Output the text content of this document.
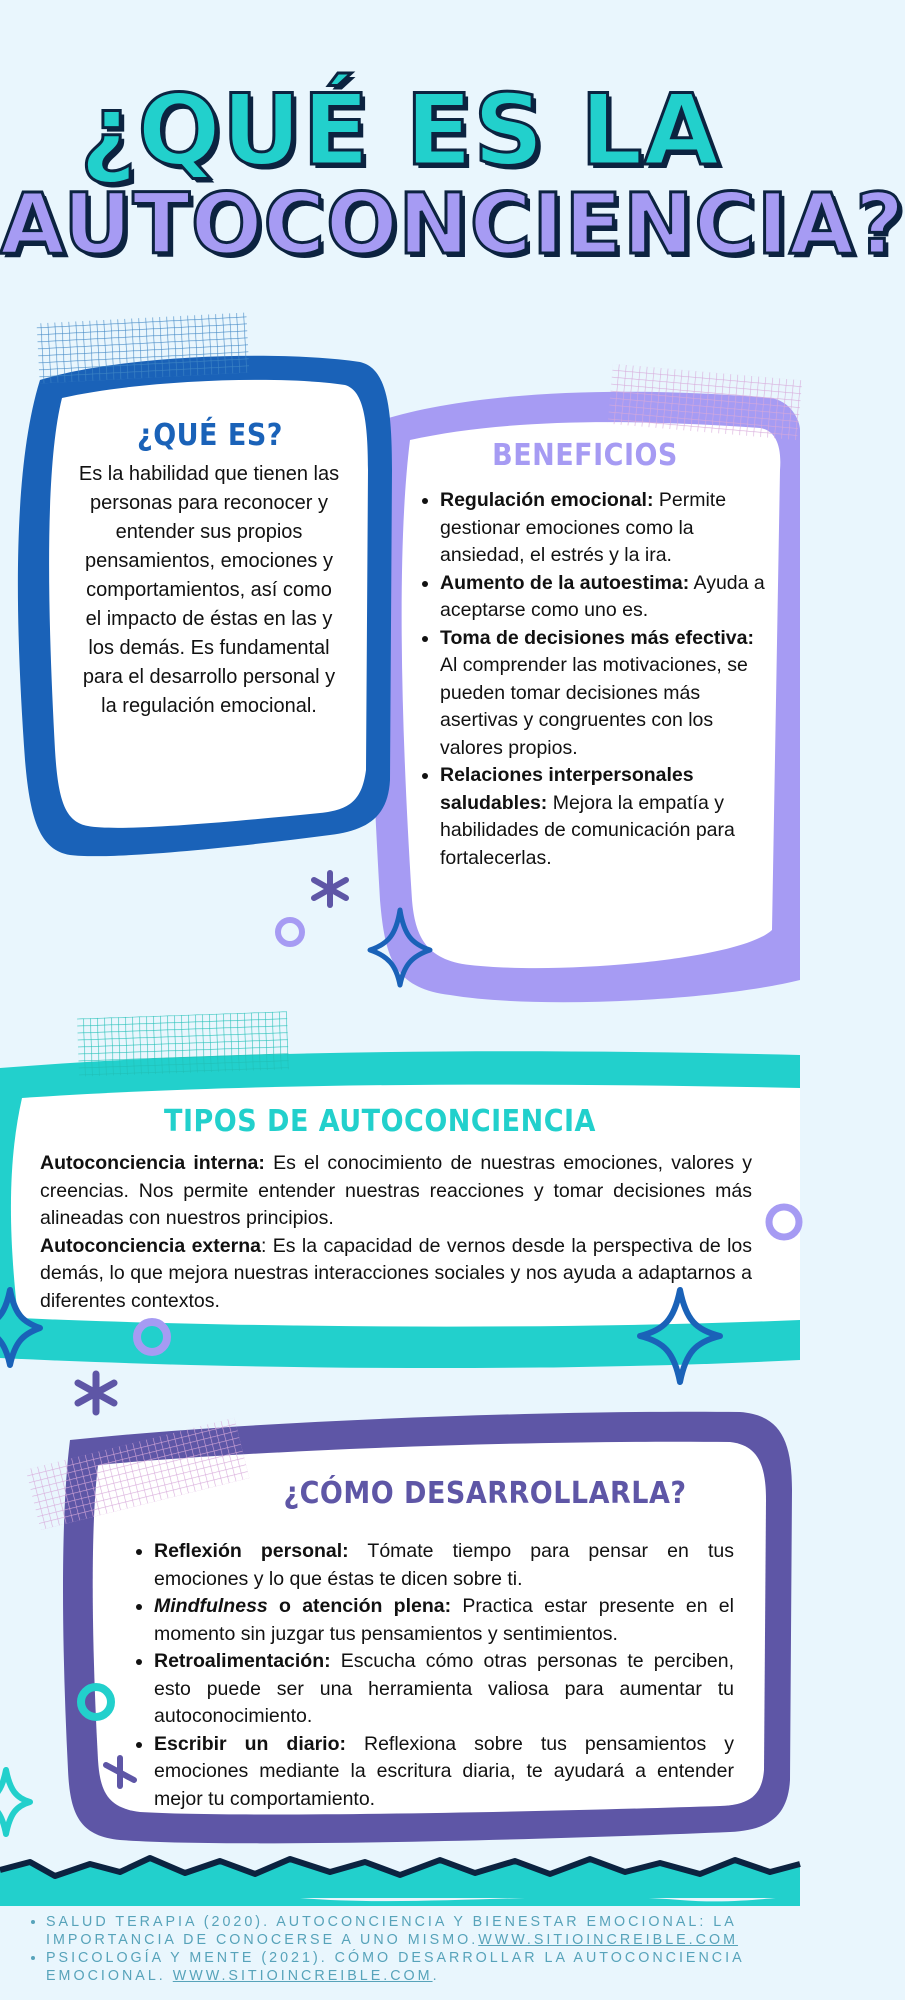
¿QUÉ ES LA
AUTOCONCIENCIA?
¿QUÉ ES?
Es la habilidad que tienen las personas para reconocer y entender sus propios pensamientos, emociones y comportamientos, así como el impacto de éstas en las y los demás. Es fundamental para el desarrollo personal y la regulación emocional.
BENEFICIOS
• Regulación emocional: Permite gestionar emociones como la ansiedad, el estrés y la ira.
• Aumento de la autoestima: Ayuda a aceptarse como uno es.
• Toma de decisiones más efectiva: Al comprender las motivaciones, se pueden tomar decisiones más asertivas y congruentes con los valores propios.
• Relaciones interpersonales saludables: Mejora la empatía y habilidades de comunicación para fortalecerlas.
TIPOS DE AUTOCONCIENCIA
Autoconciencia interna: Es el conocimiento de nuestras emociones, valores y creencias. Nos permite entender nuestras reacciones y tomar decisiones más alineadas con nuestros principios.
Autoconciencia externa: Es la capacidad de vernos desde la perspectiva de los demás, lo que mejora nuestras interacciones sociales y nos ayuda a adaptarnos a diferentes contextos.
¿CÓMO DESARROLLARLA?
• Reflexión personal: Tómate tiempo para pensar en tus emociones y lo que éstas te dicen sobre ti.
• Mindfulness o atención plena: Practica estar presente en el momento sin juzgar tus pensamientos y sentimientos.
• Retroalimentación: Escucha cómo otras personas te perciben, esto puede ser una herramienta valiosa para aumentar tu autoconocimiento.
• Escribir un diario: Reflexiona sobre tus pensamientos y emociones mediante la escritura diaria, te ayudará a entender mejor tu comportamiento.
• SALUD TERAPIA (2020). AUTOCONCIENCIA Y BIENESTAR EMOCIONAL: LA IMPORTANCIA DE CONOCERSE A UNO MISMO.WWW.SITIOINCREIBLE.COM
• PSICOLOGÍA Y MENTE (2021). CÓMO DESARROLLAR LA AUTOCONCIENCIA EMOCIONAL. WWW.SITIOINCREIBLE.COM.
